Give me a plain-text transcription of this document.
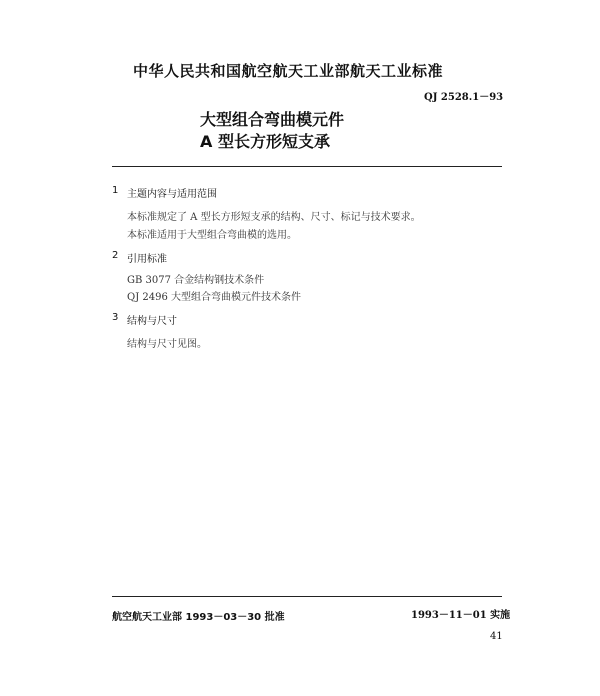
中华人民共和国航空航天工业部航天工业标准
QJ 2528.1－93
大型组合弯曲模元件
A 型长方形短支承
1 主题内容与适用范围
本标准规定了 A 型长方形短支承的结构、尺寸、标记与技术要求。
本标准适用于大型组合弯曲模的选用。
2 引用标准
GB 3077 合金结构钢技术条件
QJ 2496 大型组合弯曲模元件技术条件
3 结构与尺寸
结构与尺寸见图。
航空航天工业部 1993－03－30 批准	1993－11－01 实施
41
